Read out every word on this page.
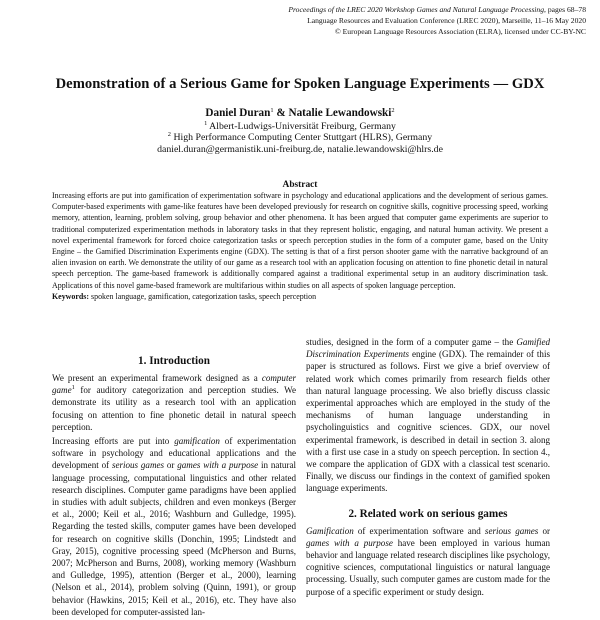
Proceedings of the LREC 2020 Workshop Games and Natural Language Processing, pages 68–78
Language Resources and Evaluation Conference (LREC 2020), Marseille, 11–16 May 2020
© European Language Resources Association (ELRA), licensed under CC-BY-NC
Demonstration of a Serious Game for Spoken Language Experiments — GDX
Daniel Duran$^1$ & Natalie Lewandowski$^2$
$^1$ Albert-Ludwigs-Universität Freiburg, Germany
$^2$ High Performance Computing Center Stuttgart (HLRS), Germany
daniel.duran@germanistik.uni-freiburg.de, natalie.lewandowski@hlrs.de
Abstract
Increasing efforts are put into gamification of experimentation software in psychology and educational applications and the development of serious games. Computer-based experiments with game-like features have been developed previously for research on cognitive skills, cognitive processing speed, working memory, attention, learning, problem solving, group behavior and other phenomena. It has been argued that computer game experiments are superior to traditional computerized experimentation methods in laboratory tasks in that they represent holistic, engaging, and natural human activity. We present a novel experimental framework for forced choice categorization tasks or speech perception studies in the form of a computer game, based on the Unity Engine – the Gamified Discrimination Experiments engine (GDX). The setting is that of a first person shooter game with the narrative background of an alien invasion on earth. We demonstrate the utility of our game as a research tool with an application focusing on attention to fine phonetic detail in natural speech perception. The game-based framework is additionally compared against a traditional experimental setup in an auditory discrimination task. Applications of this novel game-based framework are multifarious within studies on all aspects of spoken language perception.
Keywords: spoken language, gamification, categorization tasks, speech perception
1. Introduction
We present an experimental framework designed as a computer game$^1$ for auditory categorization and perception studies. We demonstrate its utility as a research tool with an application focusing on attention to fine phonetic detail in natural speech perception.
Increasing efforts are put into gamification of experimentation software in psychology and educational applications and the development of serious games or games with a purpose in natural language processing, computational linguistics and other related research disciplines. Computer game paradigms have been applied in studies with adult subjects, children and even monkeys (Berger et al., 2000; Keil et al., 2016; Washburn and Gulledge, 1995). Regarding the tested skills, computer games have been developed for research on cognitive skills (Donchin, 1995; Lindstedt and Gray, 2015), cognitive processing speed (McPherson and Burns, 2007; McPherson and Burns, 2008), working memory (Washburn and Gulledge, 1995), attention (Berger et al., 2000), learning (Nelson et al., 2014), problem solving (Quinn, 1991), or group behavior (Hawkins, 2015; Keil et al., 2016), etc. They have also been developed for computer-assisted lan-
studies, designed in the form of a computer game – the Gamified Discrimination Experiments engine (GDX). The remainder of this paper is structured as follows. First we give a brief overview of related work which comes primarily from research fields other than natural language processing. We also briefly discuss classic experimental approaches which are employed in the study of the mechanisms of human language understanding in psycholinguistics and cognitive sciences. GDX, our novel experimental framework, is described in detail in section 3. along with a first use case in a study on speech perception. In section 4., we compare the application of GDX with a classical test scenario. Finally, we discuss our findings in the context of gamified spoken language experiments.
2. Related work on serious games
Gamification of experimentation software and serious games or games with a purpose have been employed in various human behavior and language related research disciplines like psychology, cognitive sciences, computational linguistics or natural language processing. Usually, such computer games are custom made for the purpose of a specific experiment or study design.
